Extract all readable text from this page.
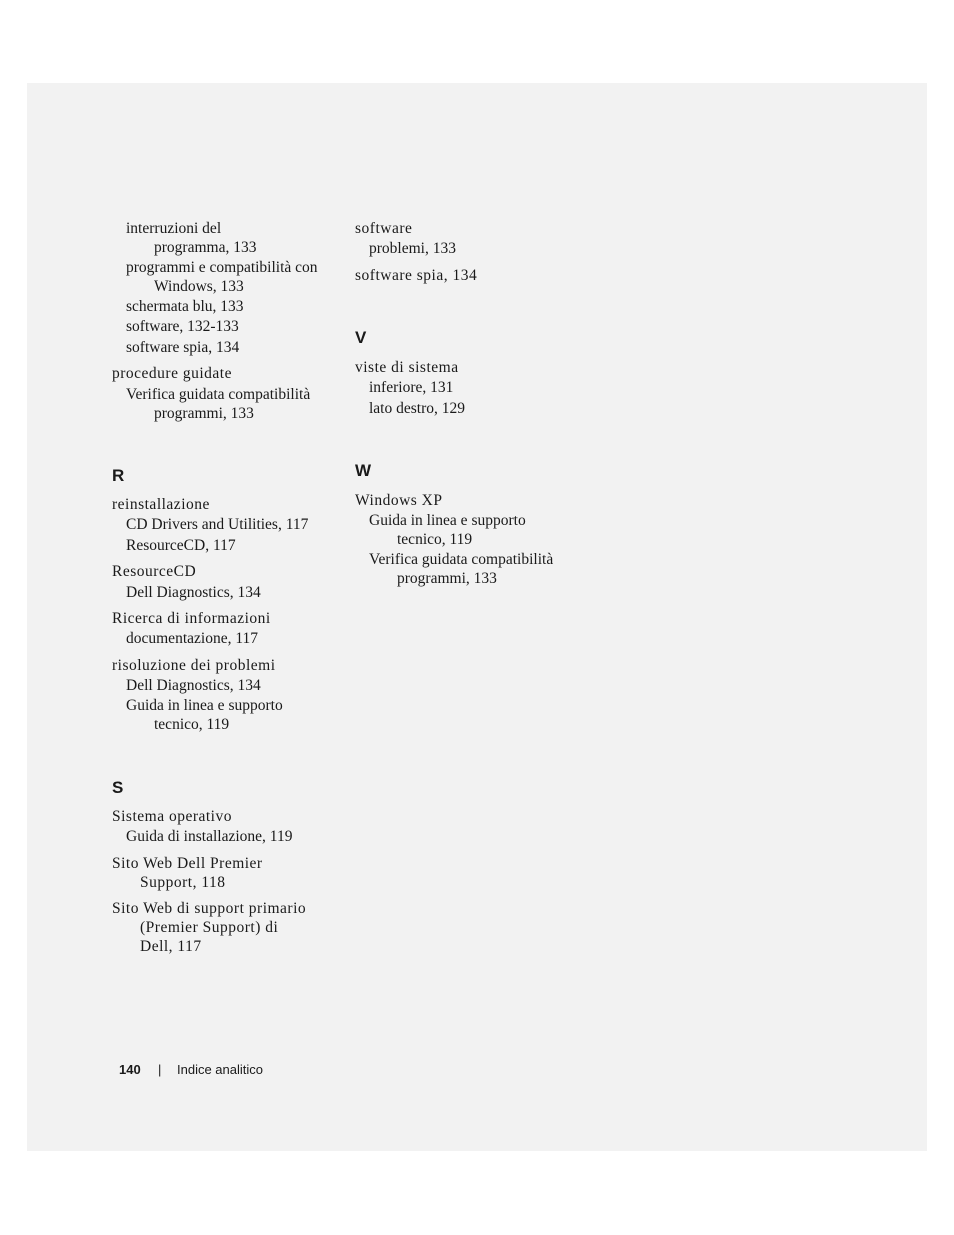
interruzioni del
programma, 133
programmi e compatibilità con
Windows, 133
schermata blu, 133
software, 132-133
software spia, 134
procedure guidate
Verifica guidata compatibilità
programmi, 133
R
reinstallazione
CD Drivers and Utilities, 117
ResourceCD, 117
ResourceCD
Dell Diagnostics, 134
Ricerca di informazioni
documentazione, 117
risoluzione dei problemi
Dell Diagnostics, 134
Guida in linea e supporto
tecnico, 119
S
Sistema operativo
Guida di installazione, 119
Sito Web Dell Premier
Support, 118
Sito Web di support primario
(Premier Support) di
Dell, 117
software
problemi, 133
software spia, 134
V
viste di sistema
inferiore, 131
lato destro, 129
W
Windows XP
Guida in linea e supporto
tecnico, 119
Verifica guidata compatibilità
programmi, 133
140 | Indice analitico
